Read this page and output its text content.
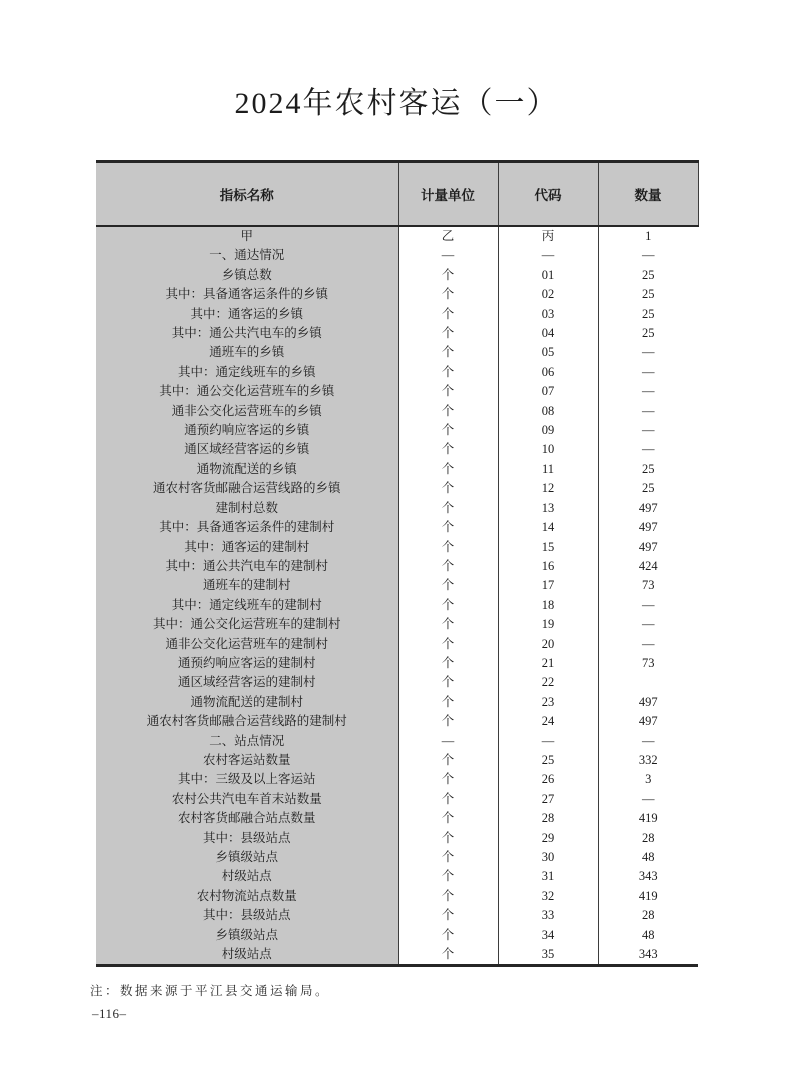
2024年农村客运（一）
指标名称	计量单位	代码	数量
甲	乙	丙	1
一、通达情况	—	—	—
乡镇总数	个	01	25
其中：具备通客运条件的乡镇	个	02	25
其中：通客运的乡镇	个	03	25
其中：通公共汽电车的乡镇	个	04	25
通班车的乡镇	个	05	—
其中：通定线班车的乡镇	个	06	—
其中：通公交化运营班车的乡镇	个	07	—
通非公交化运营班车的乡镇	个	08	—
通预约响应客运的乡镇	个	09	—
通区域经营客运的乡镇	个	10	—
通物流配送的乡镇	个	11	25
通农村客货邮融合运营线路的乡镇	个	12	25
建制村总数	个	13	497
其中：具备通客运条件的建制村	个	14	497
其中：通客运的建制村	个	15	497
其中：通公共汽电车的建制村	个	16	424
通班车的建制村	个	17	73
其中：通定线班车的建制村	个	18	—
其中：通公交化运营班车的建制村	个	19	—
通非公交化运营班车的建制村	个	20	—
通预约响应客运的建制村	个	21	73
通区域经营客运的建制村	个	22	
通物流配送的建制村	个	23	497
通农村客货邮融合运营线路的建制村	个	24	497
二、站点情况	—	—	—
农村客运站数量	个	25	332
其中：三级及以上客运站	个	26	3
农村公共汽电车首末站数量	个	27	—
农村客货邮融合站点数量	个	28	419
其中：县级站点	个	29	28
乡镇级站点	个	30	48
村级站点	个	31	343
农村物流站点数量	个	32	419
其中：县级站点	个	33	28
乡镇级站点	个	34	48
村级站点	个	35	343
注：数据来源于平江县交通运输局。
–116–
